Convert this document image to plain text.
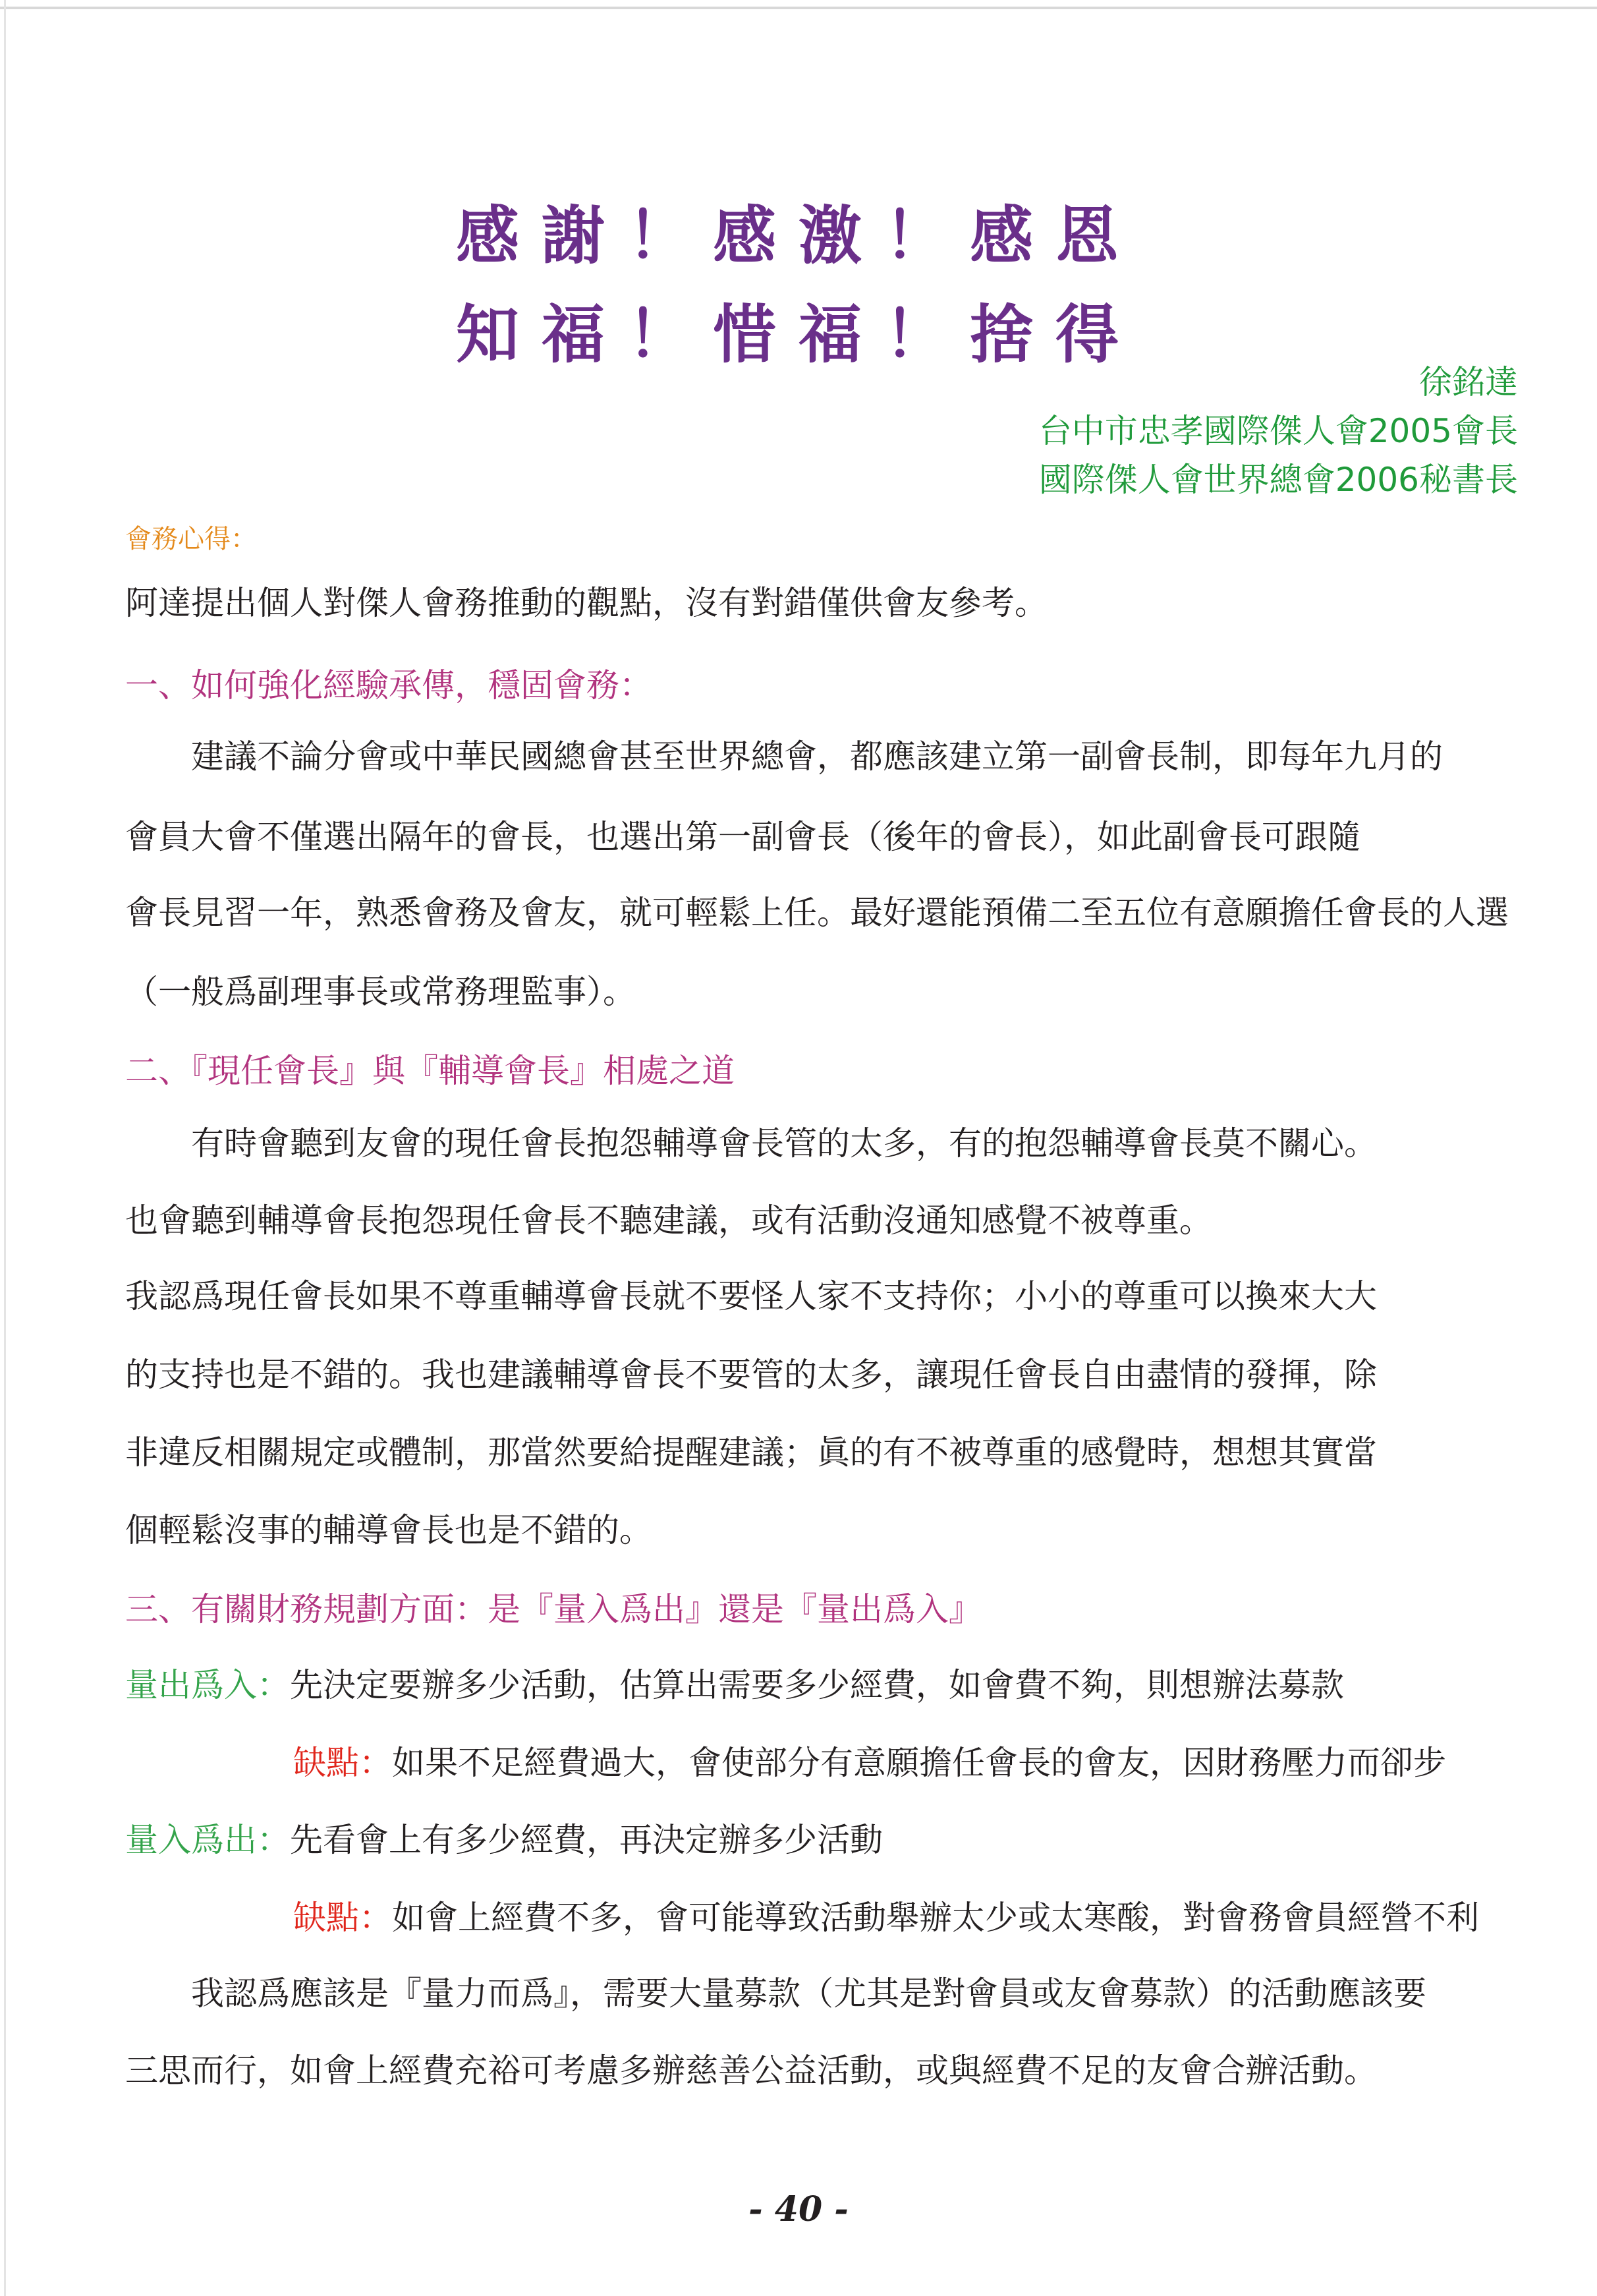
感謝！感激！感恩
知福！惜福！捨得
徐銘達
台中市忠孝國際傑人會2005會長
國際傑人會世界總會2006秘書長
會務心得：
阿達提出個人對傑人會務推動的觀點，沒有對錯僅供會友參考。
一、如何強化經驗承傳，穩固會務：
建議不論分會或中華民國總會甚至世界總會，都應該建立第一副會長制，即每年九月的
會員大會不僅選出隔年的會長，也選出第一副會長（後年的會長），如此副會長可跟隨
會長見習一年，熟悉會務及會友，就可輕鬆上任。最好還能預備二至五位有意願擔任會長的人選
（一般爲副理事長或常務理監事）。
二、『現任會長』與『輔導會長』相處之道
有時會聽到友會的現任會長抱怨輔導會長管的太多，有的抱怨輔導會長莫不關心。
也會聽到輔導會長抱怨現任會長不聽建議，或有活動沒通知感覺不被尊重。
我認爲現任會長如果不尊重輔導會長就不要怪人家不支持你；小小的尊重可以換來大大
的支持也是不錯的。我也建議輔導會長不要管的太多，讓現任會長自由盡情的發揮，除
非違反相關規定或體制，那當然要給提醒建議；眞的有不被尊重的感覺時，想想其實當
個輕鬆沒事的輔導會長也是不錯的。
三、有關財務規劃方面：是『量入爲出』還是『量出爲入』
量出爲入：先決定要辦多少活動，估算出需要多少經費，如會費不夠，則想辦法募款
缺點：如果不足經費過大，會使部分有意願擔任會長的會友，因財務壓力而卻步
量入爲出：先看會上有多少經費，再決定辦多少活動
缺點：如會上經費不多，會可能導致活動舉辦太少或太寒酸，對會務會員經營不利
我認爲應該是『量力而爲』，需要大量募款（尤其是對會員或友會募款）的活動應該要
三思而行，如會上經費充裕可考慮多辦慈善公益活動，或與經費不足的友會合辦活動。
- 40 -
